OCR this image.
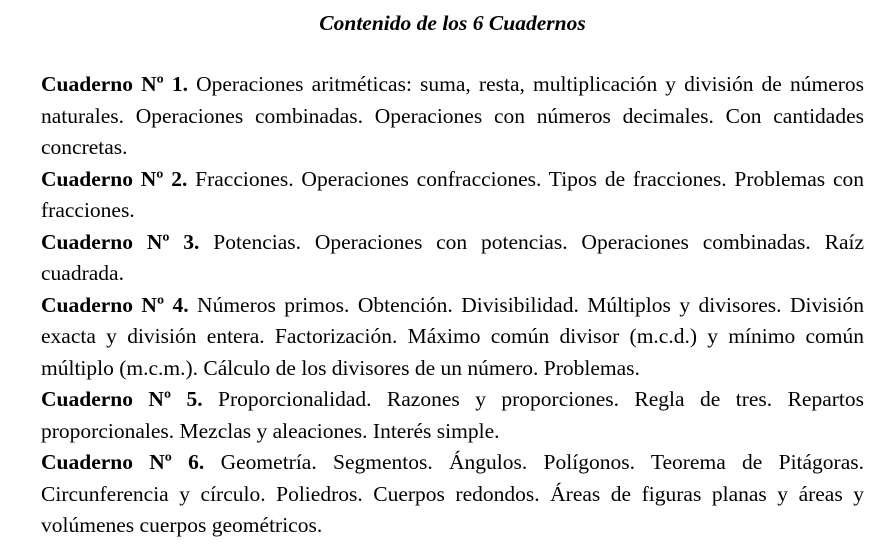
Contenido de los 6 Cuadernos

Cuaderno Nº 1. Operaciones aritméticas: suma, resta, multiplicación y división de números naturales. Operaciones combinadas. Operaciones con números decimales. Con cantidades concretas.

Cuaderno Nº 2. Fracciones. Operaciones confracciones. Tipos de fracciones. Problemas con fracciones.

Cuaderno Nº 3. Potencias. Operaciones con potencias. Operaciones combinadas. Raíz cuadrada.

Cuaderno Nº 4. Números primos. Obtención. Divisibilidad. Múltiplos y divisores. División exacta y división entera. Factorización. Máximo común divisor (m.c.d.) y mínimo común múltiplo (m.c.m.). Cálculo de los divisores de un número. Problemas.

Cuaderno Nº 5. Proporcionalidad. Razones y proporciones. Regla de tres. Repartos proporcionales. Mezclas y aleaciones. Interés simple.

Cuaderno Nº 6. Geometría. Segmentos. Ángulos. Polígonos. Teorema de Pitágoras. Circunferencia y círculo. Poliedros. Cuerpos redondos. Áreas de figuras planas y áreas y volúmenes cuerpos geométricos.
